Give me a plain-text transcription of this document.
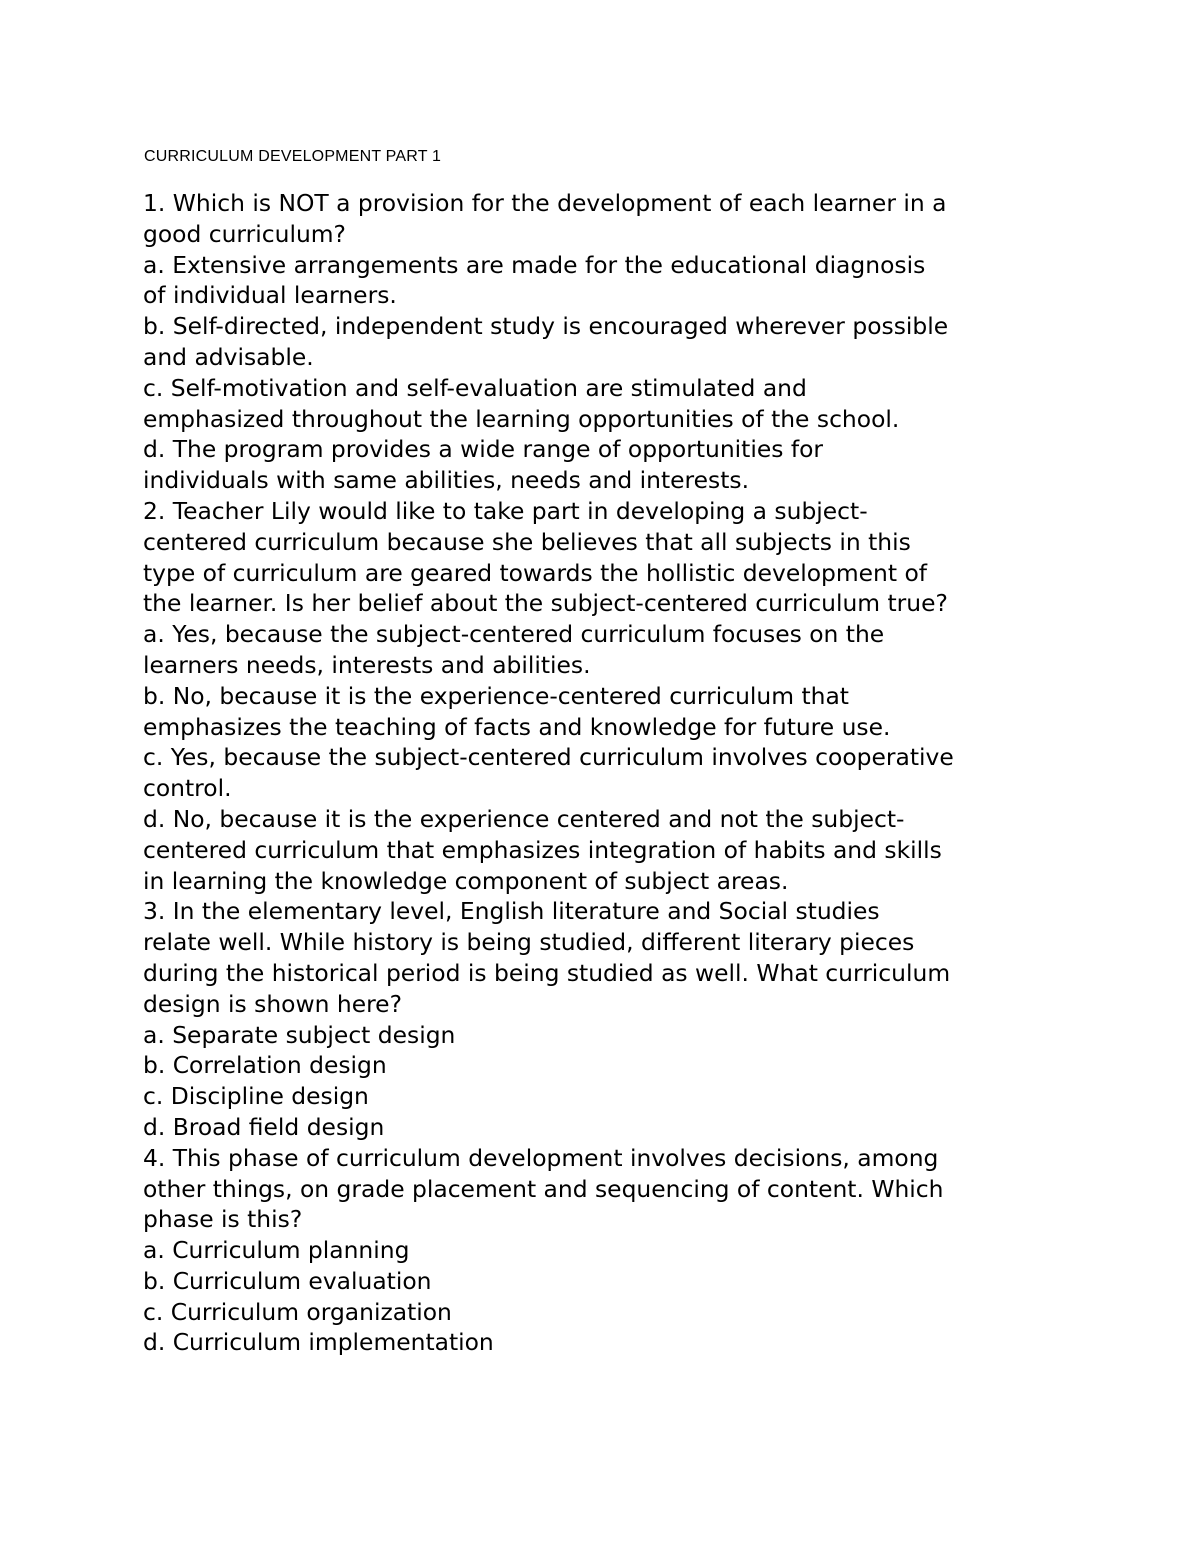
CURRICULUM DEVELOPMENT PART 1
1. Which is NOT a provision for the development of each learner in a
good curriculum?
a. Extensive arrangements are made for the educational diagnosis
of individual learners.
b. Self-directed, independent study is encouraged wherever possible
and advisable.
c. Self-motivation and self-evaluation are stimulated and
emphasized throughout the learning opportunities of the school.
d. The program provides a wide range of opportunities for
individuals with same abilities, needs and interests.
2. Teacher Lily would like to take part in developing a subject-
centered curriculum because she believes that all subjects in this
type of curriculum are geared towards the hollistic development of
the learner. Is her belief about the subject-centered curriculum true?
a. Yes, because the subject-centered curriculum focuses on the
learners needs, interests and abilities.
b. No, because it is the experience-centered curriculum that
emphasizes the teaching of facts and knowledge for future use.
c. Yes, because the subject-centered curriculum involves cooperative
control.
d. No, because it is the experience centered and not the subject-
centered curriculum that emphasizes integration of habits and skills
in learning the knowledge component of subject areas.
3. In the elementary level, English literature and Social studies
relate well. While history is being studied, different literary pieces
during the historical period is being studied as well. What curriculum
design is shown here?
a. Separate subject design
b. Correlation design
c. Discipline design
d. Broad field design
4. This phase of curriculum development involves decisions, among
other things, on grade placement and sequencing of content. Which
phase is this?
a. Curriculum planning
b. Curriculum evaluation
c. Curriculum organization
d. Curriculum implementation
